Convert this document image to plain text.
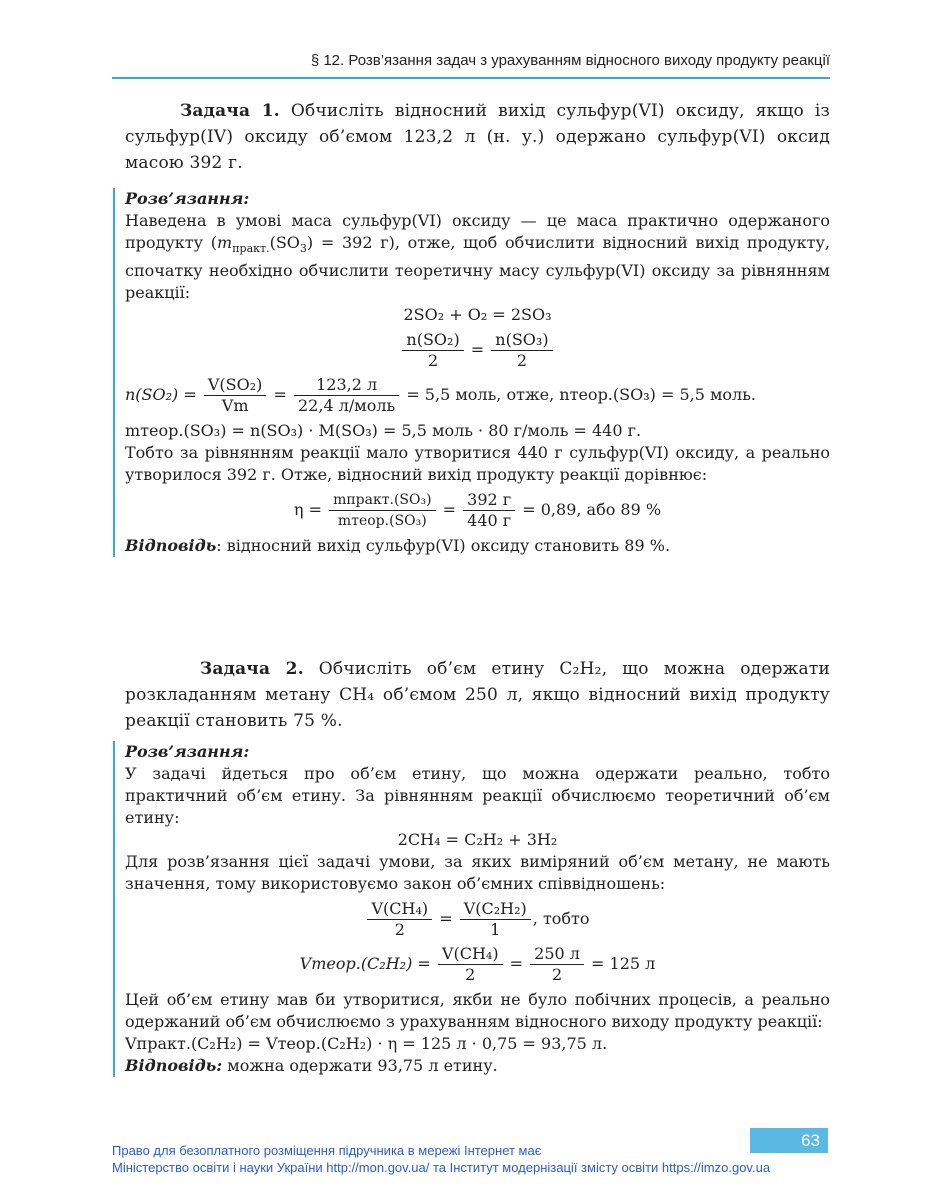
§ 12. Розв’язання задач з урахуванням відносного виходу продукту реакції
Задача 1. Обчисліть відносний вихід сульфур(VI) оксиду, якщо із сульфур(IV) оксиду об’ємом 123,2 л (н. у.) одержано сульфур(VI) оксид масою 392 г.
Розв’язання:
Наведена в умові маса сульфур(VI) оксиду — це маса практично одержаного продукту ($m_{практ.}(SO_3) = 392$ г), отже, щоб обчислити відносний вихід продукту, спочатку необхідно обчислити теоретичну масу сульфур(VI) оксиду за рівнянням реакції:
2SO₂ + O₂ = 2SO₃
$\frac{\text{n(SO₂)}}{2} = \frac{\text{n(SO₃)}}{2}$
$n(SO_2) = \frac{\text{V(SO₂)}}{Vm} = \frac{123,2 л}{\text{22,4 л/моль}} = 5,5$ моль, отже, nтеор.(SO₃) = 5,5 моль.
mтеор.(SO₃) = n(SO₃) · M(SO₃) = 5,5 моль · 80 г/моль = 440 г.
Тобто за рівнянням реакції мало утворитися 440 г сульфур(VI) оксиду, а реально утворилося 392 г. Отже, відносний вихід продукту реакції дорівнює:
$\eta = \frac{\text{mпракт.(SO₃)}}{\text{mтеор.(SO₃)}} = \frac{392 г}{440 г} = 0,89$, або 89 %
Відповідь: відносний вихід сульфур(VI) оксиду становить 89 %.
Задача 2. Обчисліть об’єм етину C₂H₂, що можна одержати розкладанням метану CH₄ об’ємом 250 л, якщо відносний вихід продукту реакції становить 75 %.
Розв’язання:
У задачі йдеться про об’єм етину, що можна одержати реально, тобто практичний об’єм етину. За рівнянням реакції обчислюємо теоретичний об’єм етину:
2CH₄ = C₂H₂ + 3H₂
Для розв’язання цієї задачі умови, за яких виміряний об’єм метану, не мають значення, тому використовуємо закон об’ємних співвідношень:
$\frac{\text{V(CH₄)}}{2} = \frac{\text{V(C₂H₂)}}{1}$ , тобто
Vтеор.(C₂H₂) = $\frac{\text{V(CH₄)}}{2} = \frac{250 л}{2} = 125$ л
Цей об’єм етину мав би утворитися, якби не було побічних процесів, а реально одержаний об’єм обчислюємо з урахуванням відносного виходу продукту реакції:
Vпракт.(C₂H₂) = Vтеор.(C₂H₂) · η = 125 л · 0,75 = 93,75 л.
Відповідь: можна одержати 93,75 л етину.
63
Право для безоплатного розміщення підручника в мережі Інтернет має
Міністерство освіти і науки України http://mon.gov.ua/ та Інститут модернізації змісту освіти https://imzo.gov.ua
